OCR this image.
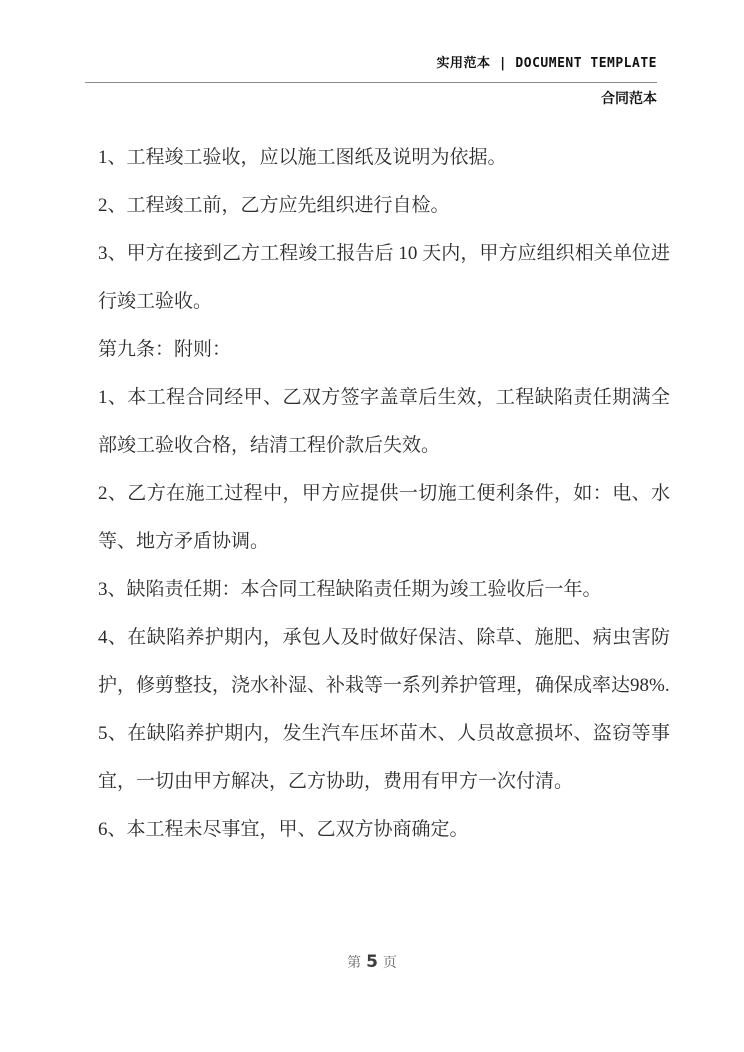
实用范本 | DOCUMENT TEMPLATE
合同范本

1、工程竣工验收，应以施工图纸及说明为依据。

2、工程竣工前，乙方应先组织进行自检。

3、甲方在接到乙方工程竣工报告后 10 天内，甲方应组织相关单位进行竣工验收。

第九条：附则：

1、本工程合同经甲、乙双方签字盖章后生效，工程缺陷责任期满全部竣工验收合格，结清工程价款后失效。

2、乙方在施工过程中，甲方应提供一切施工便利条件，如：电、水等、地方矛盾协调。

3、缺陷责任期：本合同工程缺陷责任期为竣工验收后一年。

4、在缺陷养护期内，承包人及时做好保洁、除草、施肥、病虫害防护，修剪整技，浇水补湿、补栽等一系列养护管理，确保成率达98%.

5、在缺陷养护期内，发生汽车压坏苗木、人员故意损坏、盗窃等事宜，一切由甲方解决，乙方协助，费用有甲方一次付清。

6、本工程未尽事宜，甲、乙双方协商确定。

第 5 页
